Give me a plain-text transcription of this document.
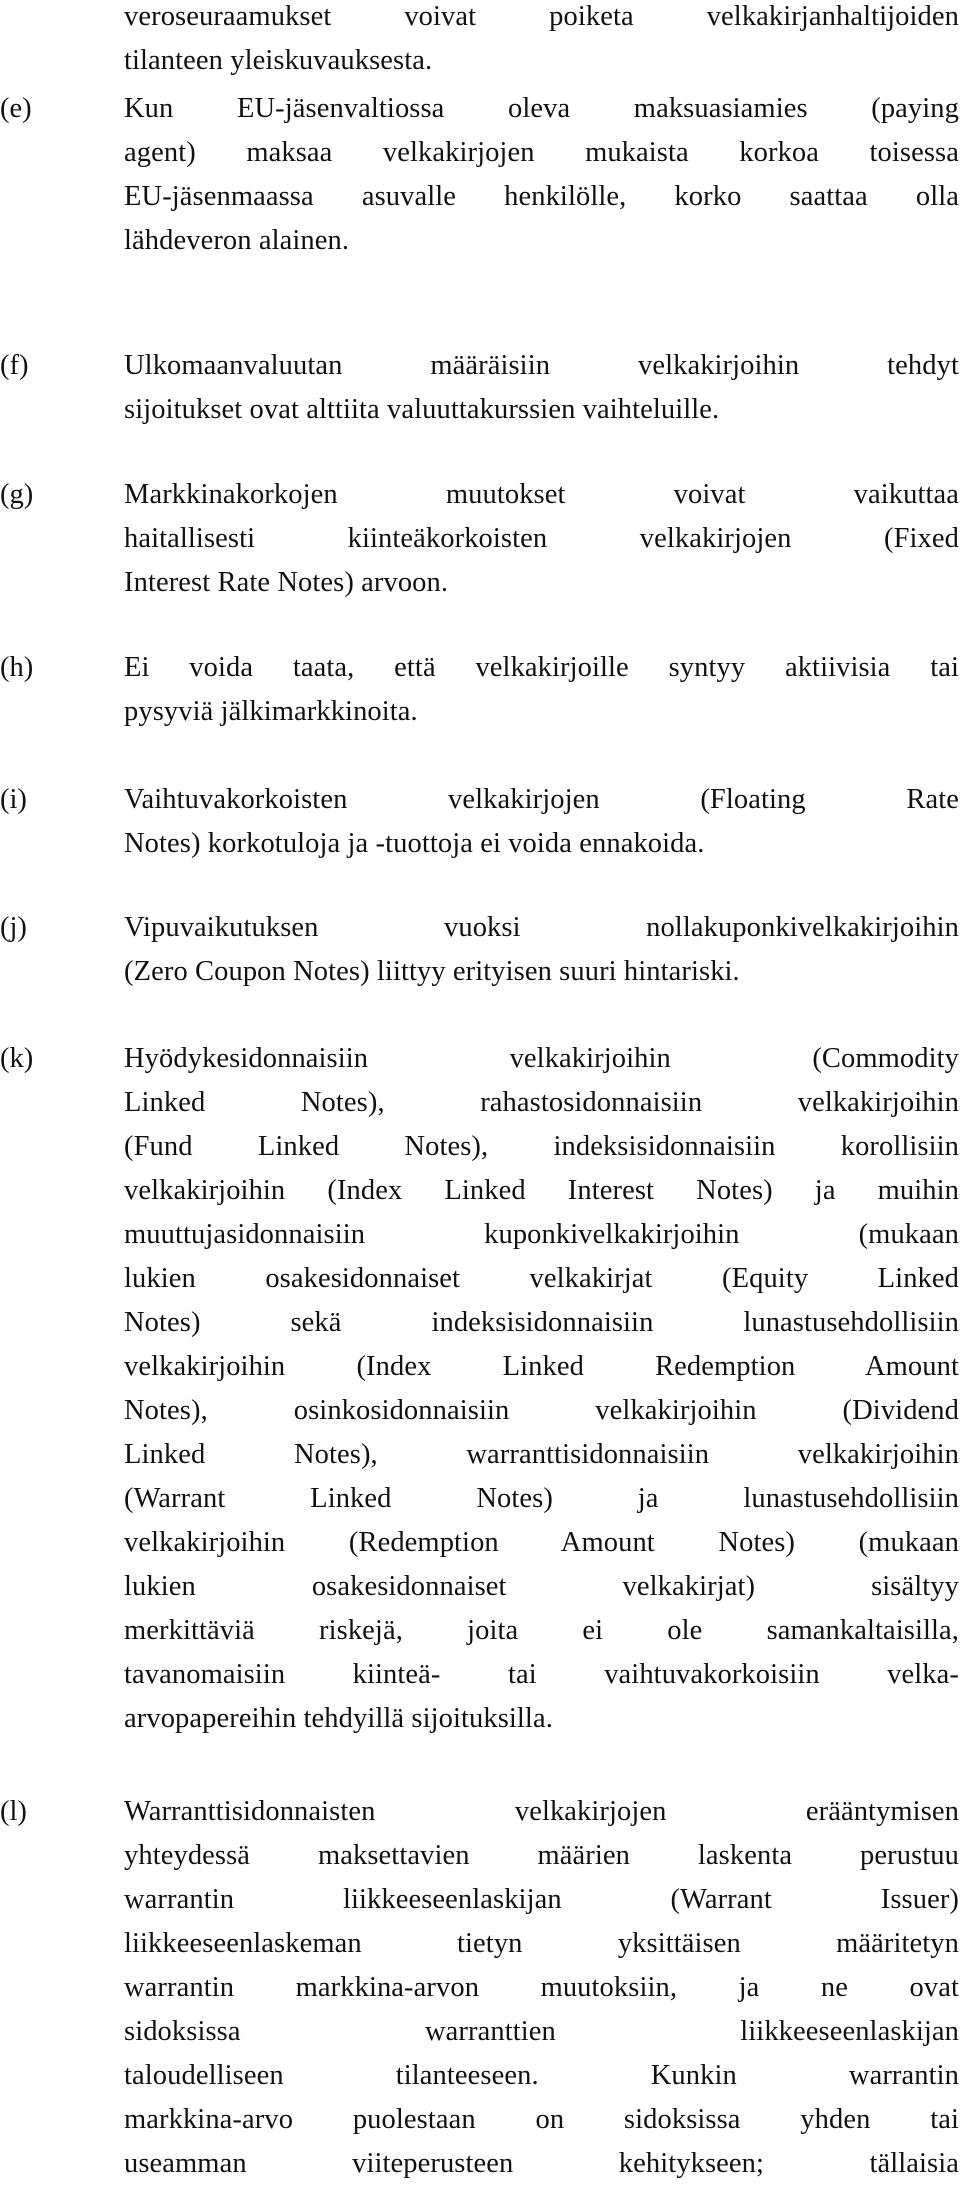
veroseuraamukset voivat poiketa velkakirjanhaltijoiden
tilanteen yleiskuvauksesta.
(e)	Kun EU-jäsenvaltiossa oleva maksuasiamies (paying
agent) maksaa velkakirjojen mukaista korkoa toisessa
EU-jäsenmaassa asuvalle henkilölle, korko saattaa olla
lähdeveron alainen.
(f)	Ulkomaanvaluutan määräisiin velkakirjoihin tehdyt
sijoitukset ovat alttiita valuuttakurssien vaihteluille.
(g)	Markkinakorkojen muutokset voivat vaikuttaa
haitallisesti kiinteäkorkoisten velkakirjojen (Fixed
Interest Rate Notes) arvoon.
(h)	Ei voida taata, että velkakirjoille syntyy aktiivisia tai
pysyviä jälkimarkkinoita.
(i)	Vaihtuvakorkoisten velkakirjojen (Floating Rate
Notes) korkotuloja ja -tuottoja ei voida ennakoida.
(j)	Vipuvaikutuksen vuoksi nollakuponkivelkakirjoihin
(Zero Coupon Notes) liittyy erityisen suuri hintariski.
(k)	Hyödykesidonnaisiin velkakirjoihin (Commodity
Linked Notes), rahastosidonnaisiin velkakirjoihin
(Fund Linked Notes), indeksisidonnaisiin korollisiin
velkakirjoihin (Index Linked Interest Notes) ja muihin
muuttujasidonnaisiin kuponkivelkakirjoihin (mukaan
lukien osakesidonnaiset velkakirjat (Equity Linked
Notes) sekä indeksisidonnaisiin lunastusehdollisiin
velkakirjoihin (Index Linked Redemption Amount
Notes), osinkosidonnaisiin velkakirjoihin (Dividend
Linked Notes), warranttisidonnaisiin velkakirjoihin
(Warrant Linked Notes) ja lunastusehdollisiin
velkakirjoihin (Redemption Amount Notes) (mukaan
lukien osakesidonnaiset velkakirjat) sisältyy
merkittäviä riskejä, joita ei ole samankaltaisilla,
tavanomaisiin kiinteä- tai vaihtuvakorkoisiin velka-
arvopapereihin tehdyillä sijoituksilla.
(l)	Warranttisidonnaisten velkakirjojen erääntymisen
yhteydessä maksettavien määrien laskenta perustuu
warrantin liikkeeseenlaskijan (Warrant Issuer)
liikkeeseenlaskeman tietyn yksittäisen määritetyn
warrantin markkina-arvon muutoksiin, ja ne ovat
sidoksissa warranttien liikkeeseenlaskijan
taloudelliseen tilanteeseen. Kunkin warrantin
markkina-arvo puolestaan on sidoksissa yhden tai
useamman viiteperusteen kehitykseen; tällaisia
